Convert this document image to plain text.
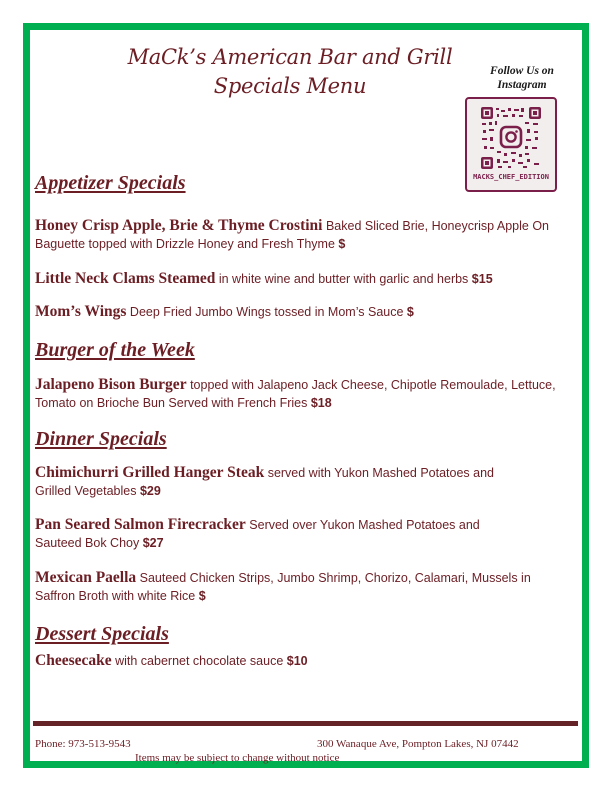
MaCk’s American Bar and Grill
Specials Menu
Follow Us on
Instagram
MACKS_CHEF_EDITION
Appetizer Specials
Honey Crisp Apple, Brie & Thyme Crostini Baked Sliced Brie, Honeycrisp Apple On Baguette topped with Drizzle Honey and Fresh Thyme $
Little Neck Clams Steamed in white wine and butter with garlic and herbs $15
Mom’s Wings Deep Fried Jumbo Wings tossed in Mom’s Sauce $
Burger of the Week
Jalapeno Bison Burger topped with Jalapeno Jack Cheese, Chipotle Remoulade, Lettuce, Tomato on Brioche Bun Served with French Fries $18
Dinner Specials
Chimichurri Grilled Hanger Steak served with Yukon Mashed Potatoes and Grilled Vegetables $29
Pan Seared Salmon Firecracker Served over Yukon Mashed Potatoes and Sauteed Bok Choy $27
Mexican Paella Sauteed Chicken Strips, Jumbo Shrimp, Chorizo, Calamari, Mussels in Saffron Broth with white Rice $
Dessert Specials
Cheesecake with cabernet chocolate sauce $10
Phone: 973-513-9543	300 Wanaque Ave, Pompton Lakes, NJ 07442
Items may be subject to change without notice
